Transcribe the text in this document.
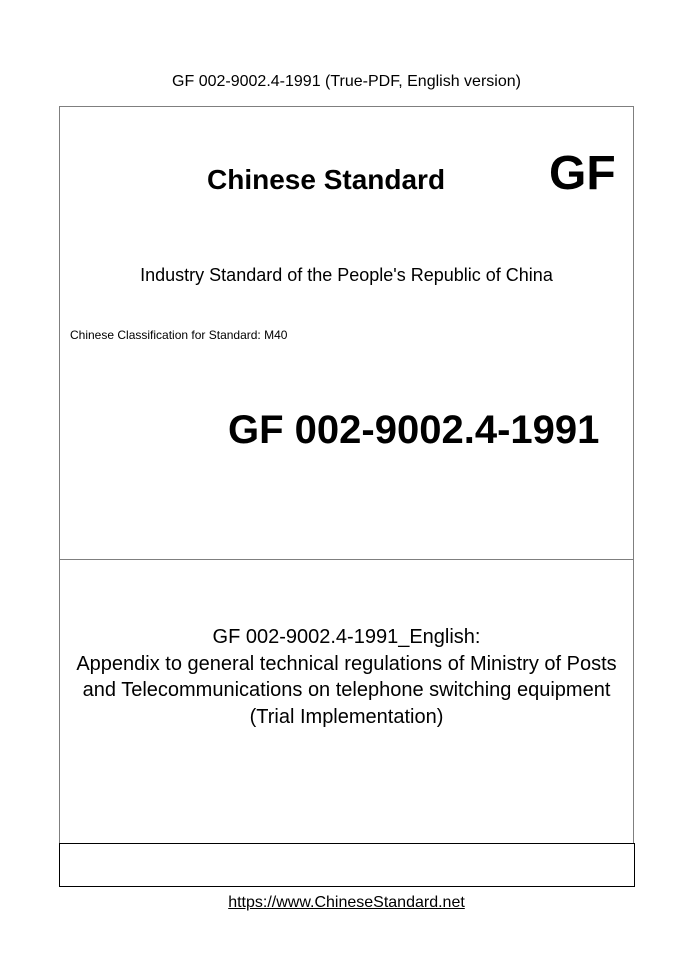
GF 002-9002.4-1991 (True-PDF, English version)
Chinese Standard GF
Industry Standard of the People's Republic of China
Chinese Classification for Standard: M40
GF 002-9002.4-1991
GF 002-9002.4-1991_English:
Appendix to general technical regulations of Ministry of Posts
and Telecommunications on telephone switching equipment
(Trial Implementation)
https://www.ChineseStandard.net
